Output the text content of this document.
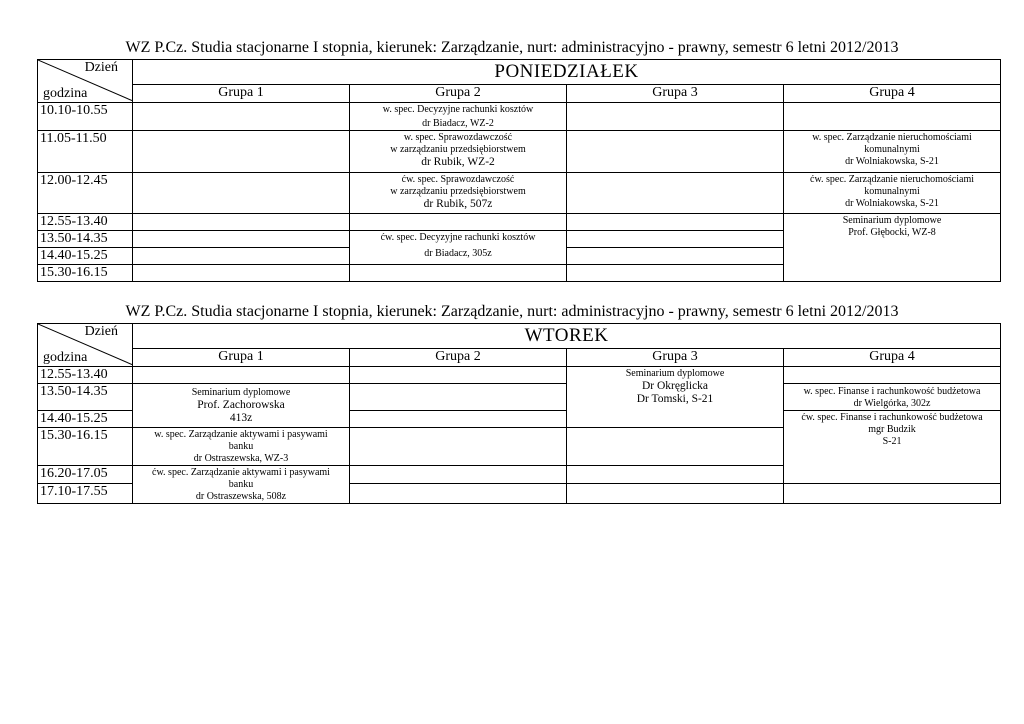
WZ P.Cz. Studia stacjonarne I stopnia, kierunek: Zarządzanie, nurt: administracyjno - prawny, semestr 6 letni 2012/2013
Dzień
godzina	PONIEDZIAŁEK			
	Grupa 1	Grupa 2	Grupa 3	Grupa 4
10.10-10.55		w. spec. Decyzyjne rachunki kosztów
dr Biadacz, WZ-2		

11.05-11.50		w. spec. Sprawozdawczość
w zarządzaniu przedsiębiorstwem
dr Rubik, WZ-2		w. spec. Zarządzanie nieruchomościami
komunalnymi
dr Wolniakowska, S-21

12.00-12.45		ćw. spec. Sprawozdawczość
w zarządzaniu przedsiębiorstwem
dr Rubik, 507z		ćw. spec. Zarządzanie nieruchomościami
komunalnymi
dr Wolniakowska, S-21

12.55-13.40				Seminarium dyplomowe
Prof. Głębocki, WZ-8

13.50-14.35		ćw. spec. Decyzyjne rachunki kosztów
dr Biadacz, 305z		

14.40-15.25				
15.30-16.15				
WZ P.Cz. Studia stacjonarne I stopnia, kierunek: Zarządzanie, nurt: administracyjno - prawny, semestr 6 letni 2012/2013
Dzień
godzina	WTOREK				
	Grupa 1	Grupa 2	Grupa 3	Grupa 4	
12.55-13.40			Seminarium dyplomowe
Dr Okręglicka
Dr Tomski, S-21		

13.50-14.35	Seminarium dyplomowe
Prof. Zachorowska
413z			w. spec. Finanse i rachunkowość budżetowa
dr Wielgórka, 302z	

14.40-15.25				ćw. spec. Finanse i rachunkowość budżetowa
mgr Budzik
S-21	

15.30-16.15	w. spec. Zarządzanie aktywami i pasywami
banku
dr Ostraszewska, WZ-3				

16.20-17.05	ćw. spec. Zarządzanie aktywami i pasywami
banku
dr Ostraszewska, 508z				

17.10-17.55					
